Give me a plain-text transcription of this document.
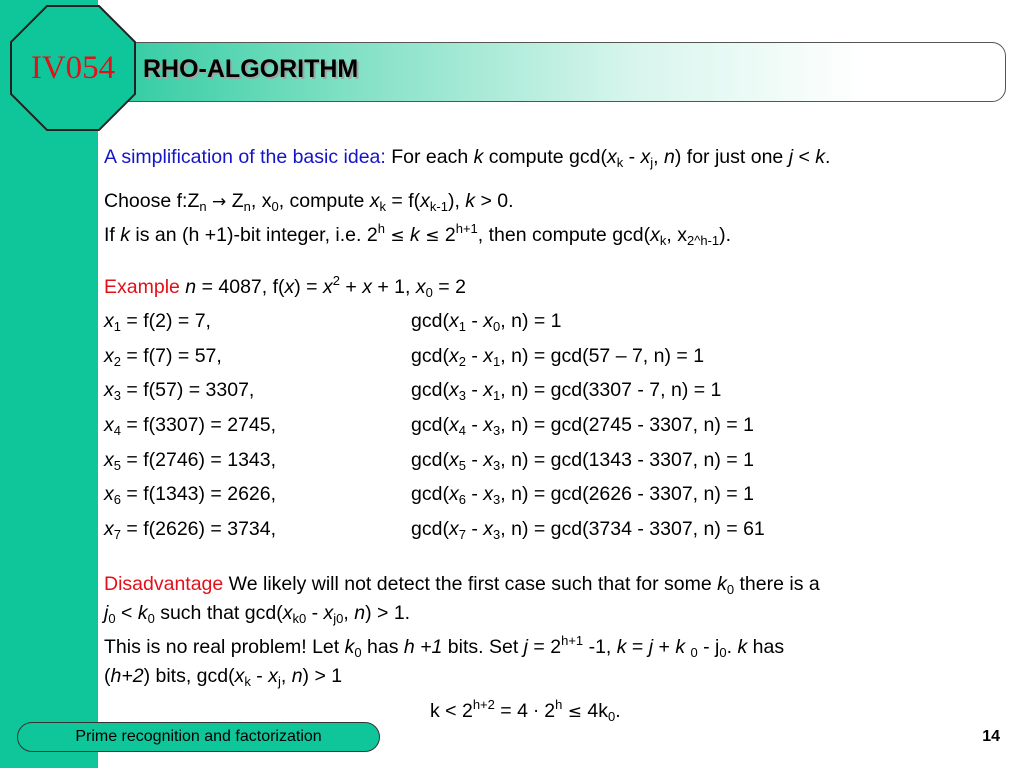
IV054	RHO-ALGORITHM
A simplification of the basic idea: For each k compute $\gcd(x_k - x_j$, n) for just one j < k.
Choose $f:Z_n \to Z_n$, $x_0$, compute $x_k = f(x_{k-1})$, k > 0.
If k is an (h +1)-bit integer, i.e. $2^h \le k \le 2^{h+1}$, then compute $\gcd(x_k$, $x_{2\^{}h-1}$).
Example n = 4087, $f(x) = x^2 + x + 1$, $x_0 = 2$
$x_1 = f(2) = 7$,	$\gcd(x_1 - x_0$, n) = 1
$x_2 = f(7) = 57$,	$\gcd(x_2 - x_1$, n) = gcd(57 – 7, n) = 1
$x_3 = f(57) = 3307$,	$\gcd(x_3 - x_1$, n) = gcd(3307 - 7, n) = 1
$x_4 = f(3307) = 2745$,	$\gcd(x_4 - x_3$, n) = gcd(2745 - 3307, n) = 1
$x_5 = f(2746) = 1343$,	$\gcd(x_5 - x_3$, n) = gcd(1343 - 3307, n) = 1
$x_6 = f(1343) = 2626$,	$\gcd(x_6 - x_3$, n) = gcd(2626 - 3307, n) = 1
$x_7 = f(2626) = 3734$,	$\gcd(x_7 - x_3$, n) = gcd(3734 - 3307, n) = 61
Disadvantage We likely will not detect the first case such that for some $k_0$ there is a
$j_0 < k_0$ such that $\gcd(x_{k0} - x_{j0}$, n) > 1.
This is no real problem! Let $k_0$ has h +1 bits. Set $j = 2^{h+1}$ -1, k = j + k $_0 - j_0$. k has
(h+2) bits, $\gcd(x_k - x_j$, n) > 1
$k < 2^{h+2} = 4 \cdot 2^h \le 4k_0$.
Prime recognition and factorization	14
